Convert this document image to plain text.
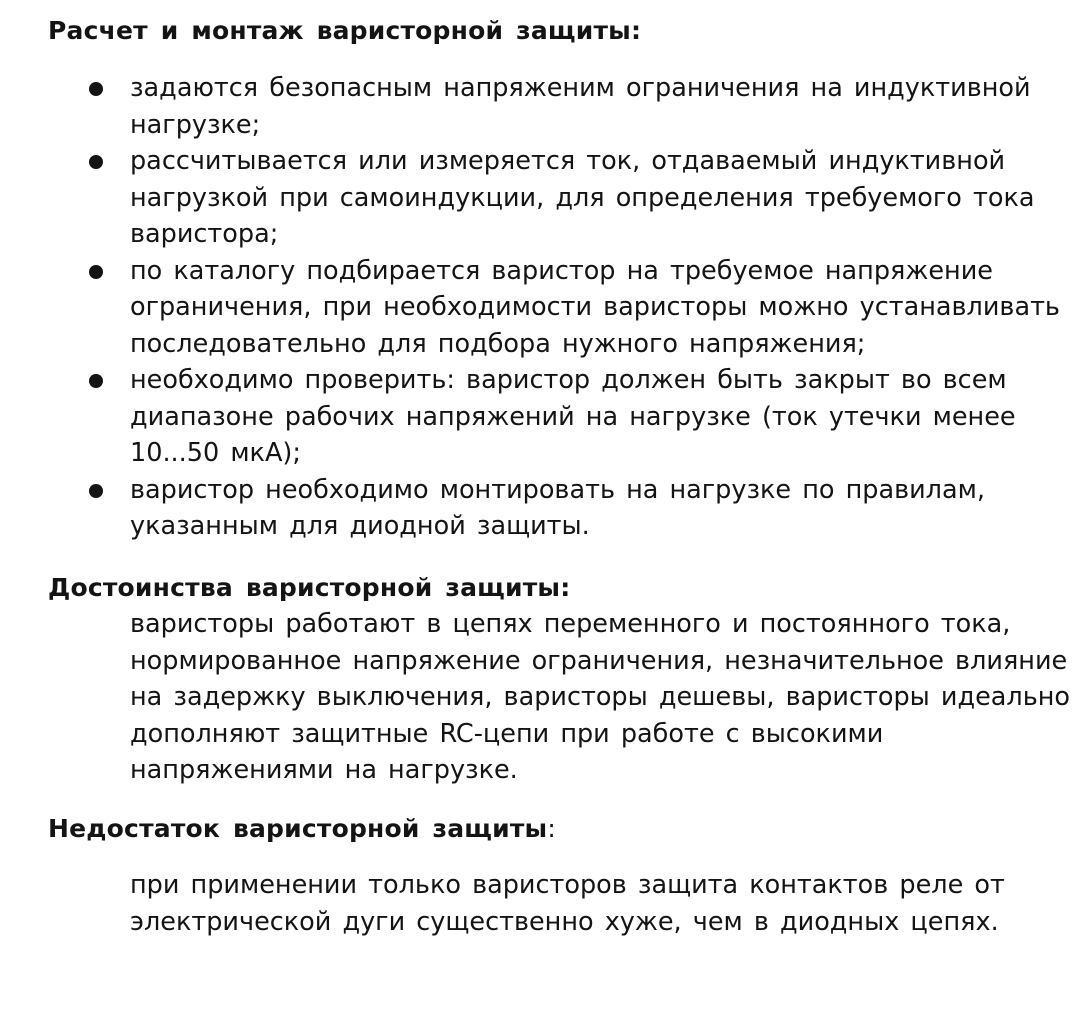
Расчет и монтаж варисторной защиты:
задаются безопасным напряженим ограничения на индуктивной
нагрузке;
рассчитывается или измеряется ток, отдаваемый индуктивной
нагрузкой при самоиндукции, для определения требуемого тока
варистора;
по каталогу подбирается варистор на требуемое напряжение
ограничения, при необходимости варисторы можно устанавливать
последовательно для подбора нужного напряжения;
необходимо проверить: варистор должен быть закрыт во всем
диапазоне рабочих напряжений на нагрузке (ток утечки менее
10...50 мкА);
варистор необходимо монтировать на нагрузке по правилам,
указанным для диодной защиты.
Достоинства варисторной защиты:
варисторы работают в цепях переменного и постоянного тока,
нормированное напряжение ограничения, незначительное влияние
на задержку выключения, варисторы дешевы, варисторы идеально
дополняют защитные RC-цепи при работе с высокими
напряжениями на нагрузке.
Недостаток варисторной защиты:
при применении только варисторов защита контактов реле от
электрической дуги существенно хуже, чем в диодных цепях.
